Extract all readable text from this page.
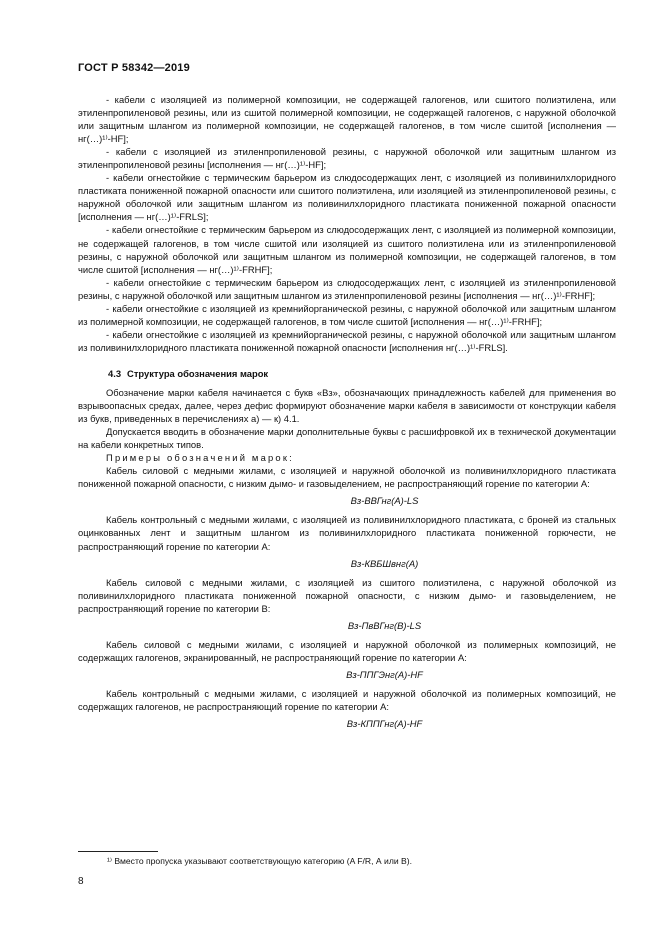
ГОСТ Р 58342—2019

- кабели с изоляцией из полимерной композиции, не содержащей галогенов, или сшитого полиэтилена, или этиленпропиленовой резины, или из сшитой полимерной композиции, не содержащей галогенов, с наружной оболочкой или защитным шлангом из полимерной композиции, не содержащей галогенов, в том числе сшитой [исполнения — нг(…)¹⁾-HF];

- кабели с изоляцией из этиленпропиленовой резины, с наружной оболочкой или защитным шлангом из этиленпропиленовой резины [исполнения — нг(…)¹⁾-HF];

- кабели огнестойкие с термическим барьером из слюдосодержащих лент, с изоляцией из поливинилхлоридного пластиката пониженной пожарной опасности или сшитого полиэтилена, или изоляцией из этиленпропиленовой резины, с наружной оболочкой или защитным шлангом из поливинилхлоридного пластиката пониженной пожарной опасности [исполнения — нг(…)¹⁾-FRLS];

- кабели огнестойкие с термическим барьером из слюдосодержащих лент, с изоляцией из полимерной композиции, не содержащей галогенов, в том числе сшитой или изоляцией из сшитого полиэтилена или из этиленпропиленовой резины, с наружной оболочкой или защитным шлангом из полимерной композиции, не содержащей галогенов, в том числе сшитой [исполнения — нг(…)¹⁾-FRHF];

- кабели огнестойкие с термическим барьером из слюдосодержащих лент, с изоляцией из этиленпропиленовой резины, с наружной оболочкой или защитным шлангом из этиленпропиленовой резины [исполнения — нг(…)¹⁾-FRHF];

- кабели огнестойкие с изоляцией из кремнийорганической резины, с наружной оболочкой или защитным шлангом из полимерной композиции, не содержащей галогенов, в том числе сшитой [исполнения — нг(…)¹⁾-FRHF];

- кабели огнестойкие с изоляцией из кремнийорганической резины, с наружной оболочкой или защитным шлангом из поливинилхлоридного пластиката пониженной пожарной опасности [исполнения нг(…)¹⁾-FRLS].

4.3 Структура обозначения марок

Обозначение марки кабеля начинается с букв «Вз», обозначающих принадлежность кабелей для применения во взрывоопасных средах, далее, через дефис формируют обозначение марки кабеля в зависимости от конструкции кабеля из букв, приведенных в перечислениях а) — к) 4.1.

Допускается вводить в обозначение марки дополнительные буквы с расшифровкой их в технической документации на кабели конкретных типов.

Примеры обозначений марок:

Кабель силовой с медными жилами, с изоляцией и наружной оболочкой из поливинилхлоридного пластиката пониженной пожарной опасности, с низким дымо- и газовыделением, не распространяющий горение по категории А:

Вз-ВВГнг(А)-LS

Кабель контрольный с медными жилами, с изоляцией из поливинилхлоридного пластиката, с броней из стальных оцинкованных лент и защитным шлангом из поливинилхлоридного пластиката пониженной горючести, не распространяющий горение по категории А:

Вз-КВБШвнг(А)

Кабель силовой с медными жилами, с изоляцией из сшитого полиэтилена, с наружной оболочкой из поливинилхлоридного пластиката пониженной пожарной опасности, с низким дымо- и газовыделением, не распространяющий горение по категории В:

Вз-ПвВГнг(В)-LS

Кабель силовой с медными жилами, с изоляцией и наружной оболочкой из полимерных композиций, не содержащих галогенов, экранированный, не распространяющий горение по категории А:

Вз-ППГЭнг(А)-HF

Кабель контрольный с медными жилами, с изоляцией и наружной оболочкой из полимерных композиций, не содержащих галогенов, не распространяющий горение по категории А:

Вз-КППГнг(А)-HF

¹⁾ Вместо пропуска указывают соответствующую категорию (A F/R, А или В).
8
